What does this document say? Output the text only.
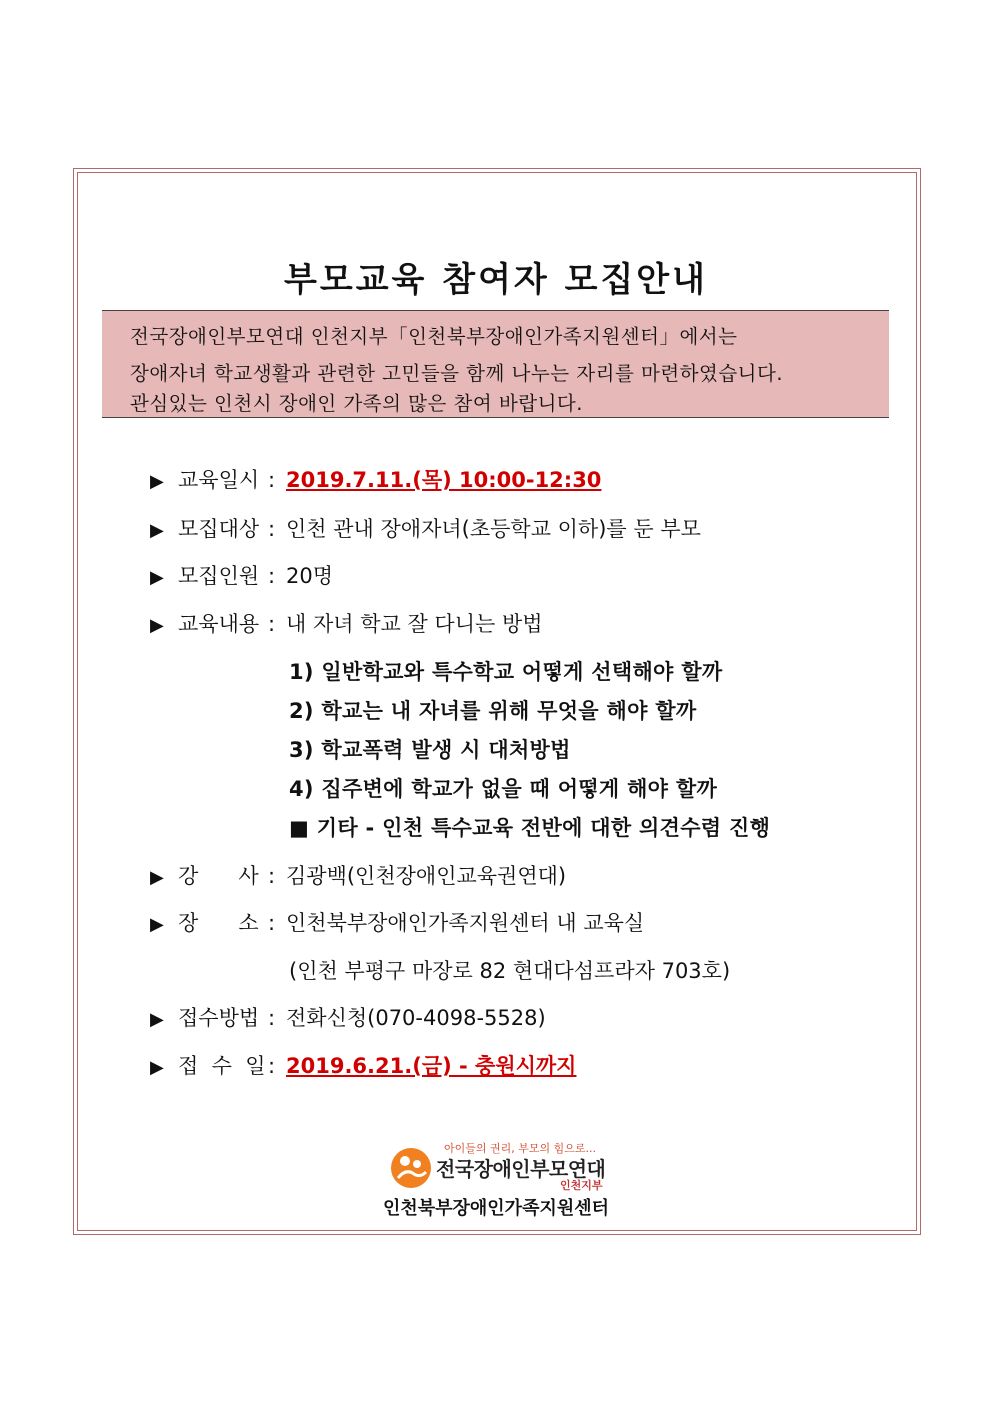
부모교육 참여자 모집안내
전국장애인부모연대 인천지부「인천북부장애인가족지원센터」에서는
장애자녀 학교생활과 관련한 고민들을 함께 나누는 자리를 마련하였습니다.
관심있는 인천시 장애인 가족의 많은 참여 바랍니다.
▶ 교육일시 : 2019.7.11.(목) 10:00-12:30
▶ 모집대상 : 인천 관내 장애자녀(초등학교 이하)를 둔 부모
▶ 모집인원 : 20명
▶ 교육내용 : 내 자녀 학교 잘 다니는 방법
1) 일반학교와 특수학교 어떻게 선택해야 할까
2) 학교는 내 자녀를 위해 무엇을 해야 할까
3) 학교폭력 발생 시 대처방법
4) 집주변에 학교가 없을 때 어떻게 해야 할까
■ 기타 - 인천 특수교육 전반에 대한 의견수렴 진행
▶ 강      사 : 김광백(인천장애인교육권연대)
▶ 장      소 : 인천북부장애인가족지원센터 내 교육실
(인천 부평구 마장로 82 현대다섬프라자 703호)
▶ 접수방법 : 전화신청(070-4098-5528)
▶ 접  수  일 : 2019.6.21.(금) - 충원시까지
아이들의 권리, 부모의 힘으로...
전국장애인부모연대
인천지부
인천북부장애인가족지원센터
